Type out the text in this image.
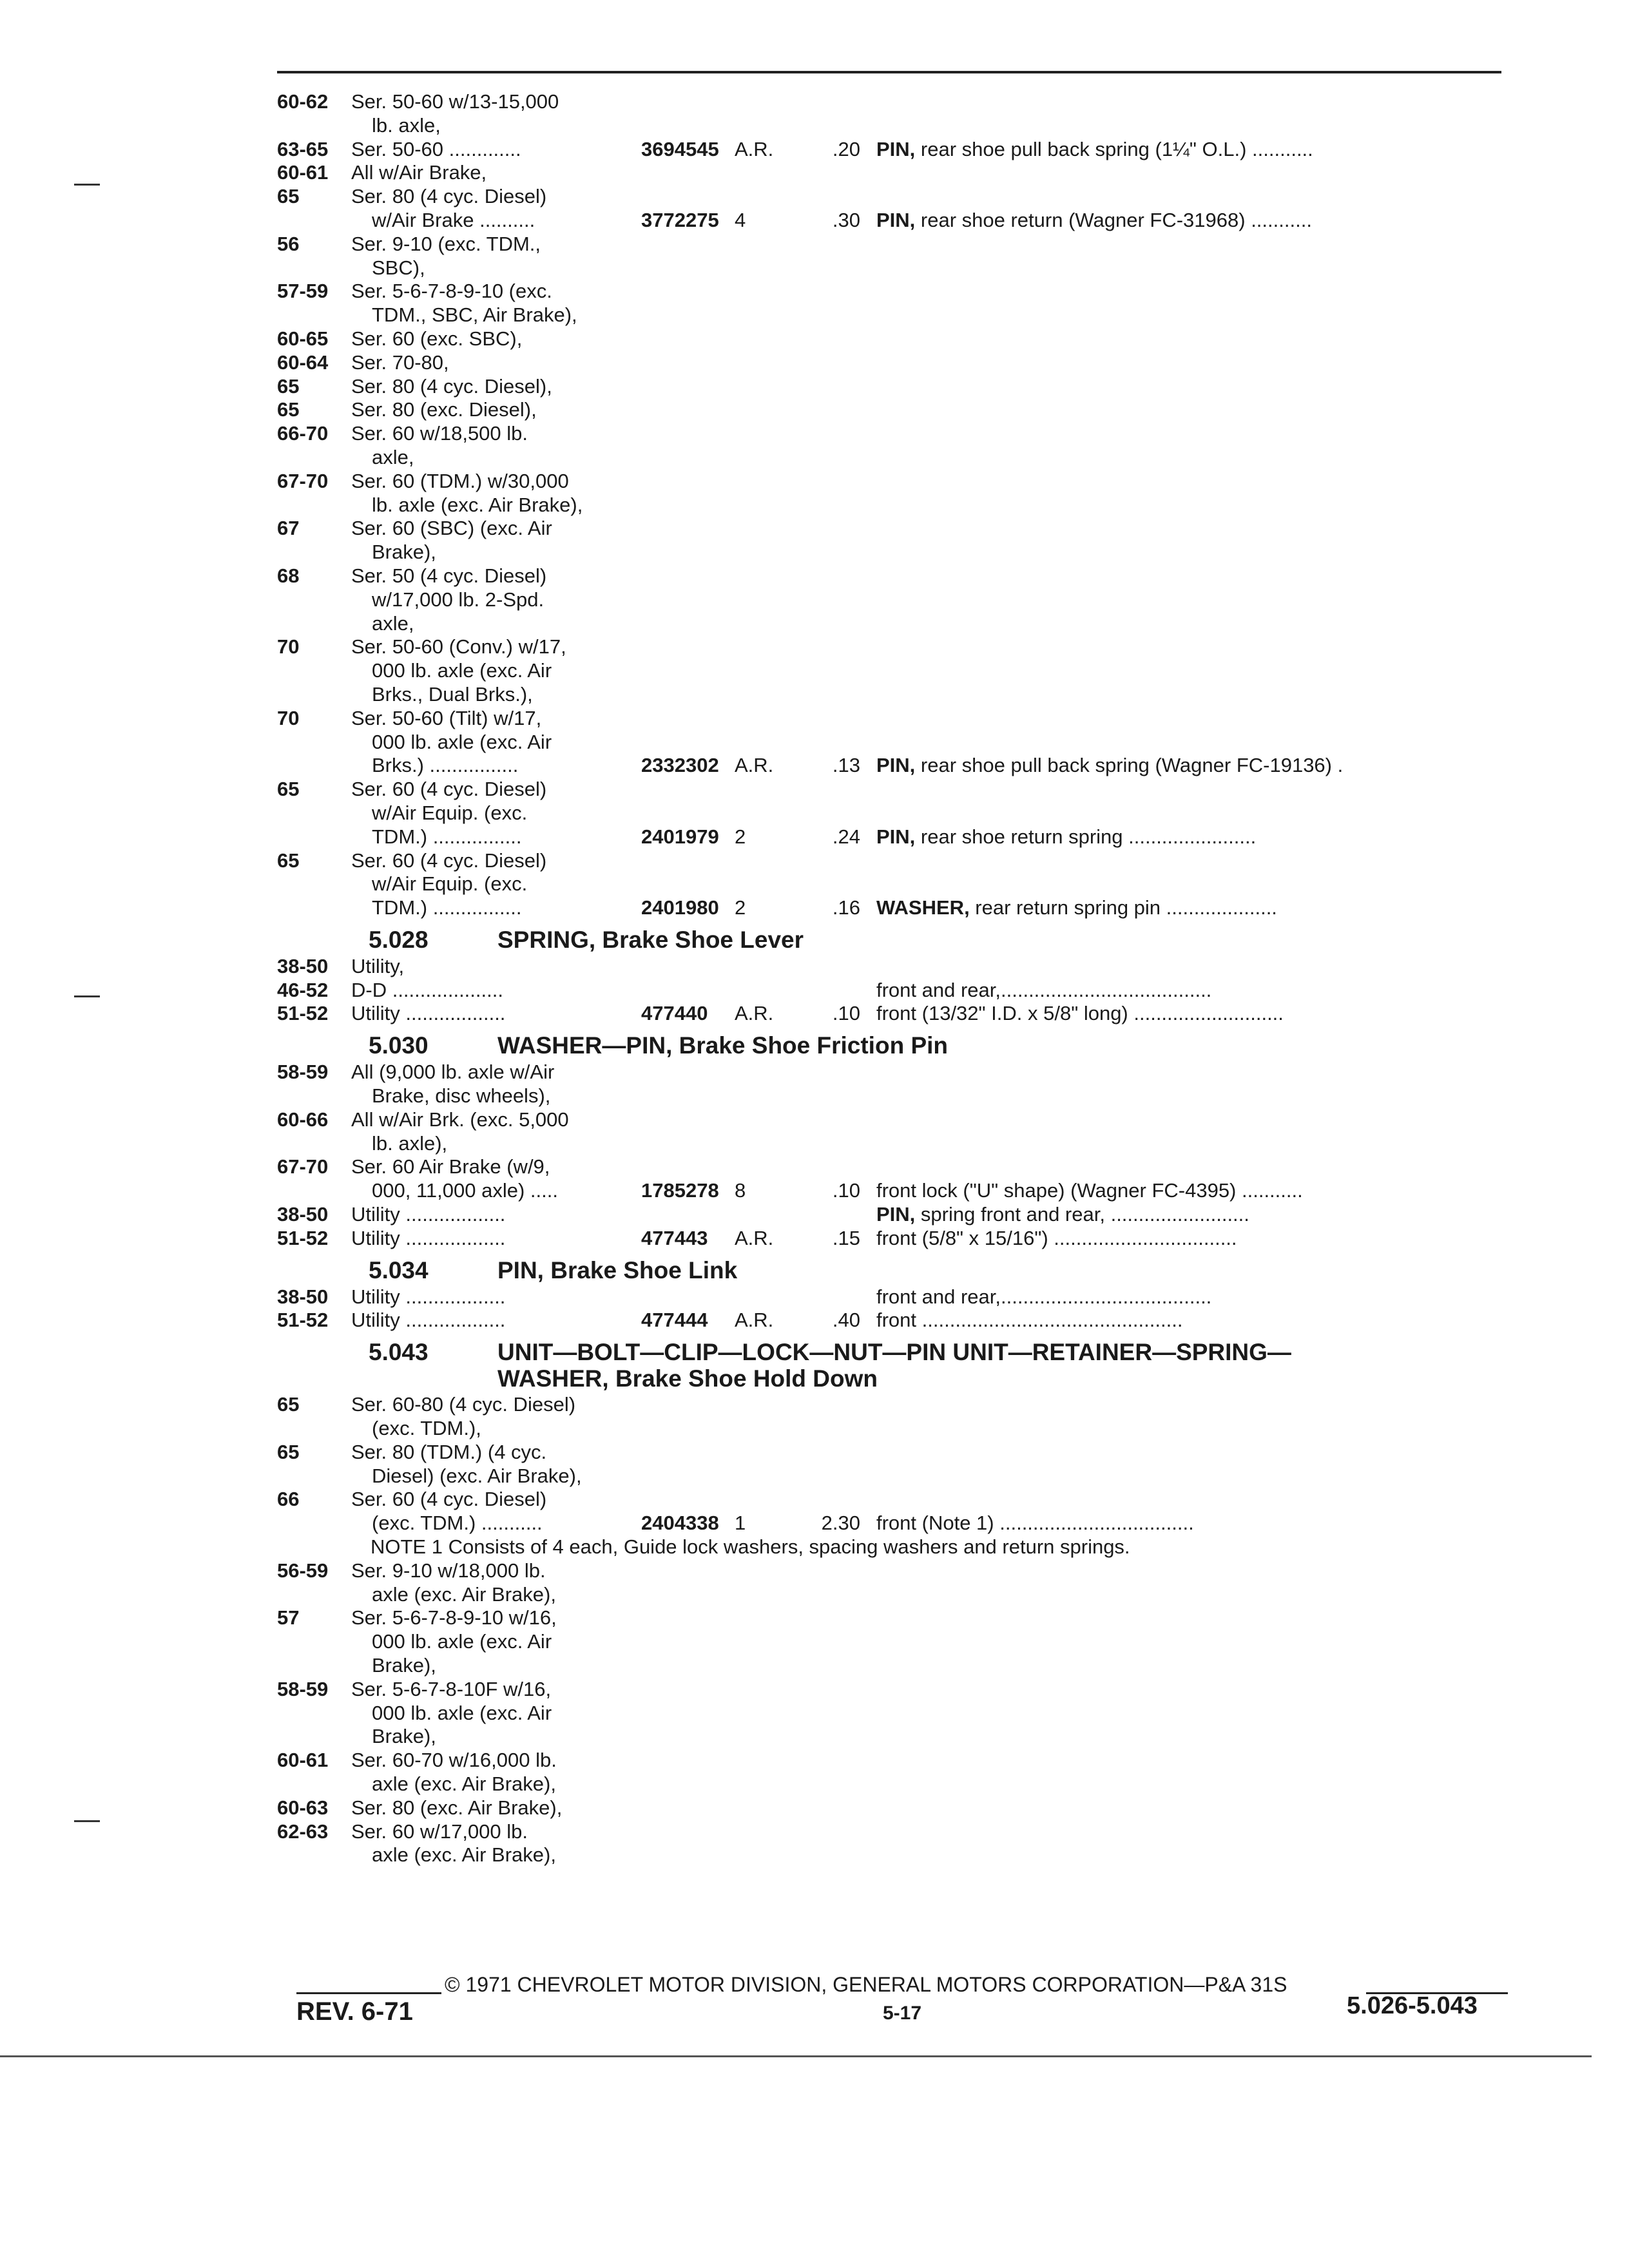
60-62	Ser. 50-60 w/13-15,000
lb. axle,
63-65	Ser. 50-60 .............	3694545 A.R.	.20 PIN, rear shoe pull back spring (1¼" O.L.) ...........
60-61	All w/Air Brake,
65	Ser. 80 (4 cyc. Diesel)
w/Air Brake ..........	3772275 4	.30 PIN, rear shoe return (Wagner FC-31968) ...........
56	Ser. 9-10 (exc. TDM.,
SBC),
57-59	Ser. 5-6-7-8-9-10 (exc.
TDM., SBC, Air Brake),
60-65	Ser. 60 (exc. SBC),
60-64	Ser. 70-80,
65	Ser. 80 (4 cyc. Diesel),
65	Ser. 80 (exc. Diesel),
66-70	Ser. 60 w/18,500 lb.
axle,
67-70	Ser. 60 (TDM.) w/30,000
lb. axle (exc. Air Brake),
67	Ser. 60 (SBC) (exc. Air
Brake),
68	Ser. 50 (4 cyc. Diesel)
w/17,000 lb. 2-Spd.
axle,
70	Ser. 50-60 (Conv.) w/17,
000 lb. axle (exc. Air
Brks., Dual Brks.),
70	Ser. 50-60 (Tilt) w/17,
000 lb. axle (exc. Air
Brks.) ................	2332302 A.R.	.13 PIN, rear shoe pull back spring (Wagner FC-19136) .
65	Ser. 60 (4 cyc. Diesel)
w/Air Equip. (exc.
TDM.) ................	2401979 2	.24 PIN, rear shoe return spring .......................
65	Ser. 60 (4 cyc. Diesel)
w/Air Equip. (exc.
TDM.) ................	2401980 2	.16 WASHER, rear return spring pin ....................
5.028	SPRING, Brake Shoe Lever
38-50	Utility,
46-52	D-D ....................	front and rear,......................................
51-52	Utility ..................	477440	A.R.	.10 front (13/32" I.D. x 5/8" long) ...........................
5.030	WASHER—PIN, Brake Shoe Friction Pin
58-59	All (9,000 lb. axle w/Air
Brake, disc wheels),
60-66	All w/Air Brk. (exc. 5,000
lb. axle),
67-70	Ser. 60 Air Brake (w/9,
000, 11,000 axle) .....	1785278 8	.10 front lock ("U" shape) (Wagner FC-4395) ...........
38-50	Utility ..................	PIN, spring front and rear, .........................
51-52	Utility ..................	477443	A.R.	.15 front (5/8" x 15/16") .................................
5.034	PIN, Brake Shoe Link
38-50	Utility ..................	front and rear,......................................
51-52	Utility ..................	477444	A.R.	.40 front ...............................................
5.043	UNIT—BOLT—CLIP—LOCK—NUT—PIN UNIT—RETAINER—SPRING—
WASHER, Brake Shoe Hold Down
65	Ser. 60-80 (4 cyc. Diesel)
(exc. TDM.),
65	Ser. 80 (TDM.) (4 cyc.
Diesel) (exc. Air Brake),
66	Ser. 60 (4 cyc. Diesel)
(exc. TDM.) ...........	2404338 1	2.30 front (Note 1) ...................................
NOTE 1 Consists of 4 each, Guide lock washers, spacing washers and return springs.
56-59	Ser. 9-10 w/18,000 lb.
axle (exc. Air Brake),
57	Ser. 5-6-7-8-9-10 w/16,
000 lb. axle (exc. Air
Brake),
58-59	Ser. 5-6-7-8-10F w/16,
000 lb. axle (exc. Air
Brake),
60-61	Ser. 60-70 w/16,000 lb.
axle (exc. Air Brake),
60-63	Ser. 80 (exc. Air Brake),
62-63	Ser. 60 w/17,000 lb.
axle (exc. Air Brake),
© 1971 CHEVROLET MOTOR DIVISION, GENERAL MOTORS CORPORATION—P&A 31S
REV. 6-71	5-17	5.026-5.043
